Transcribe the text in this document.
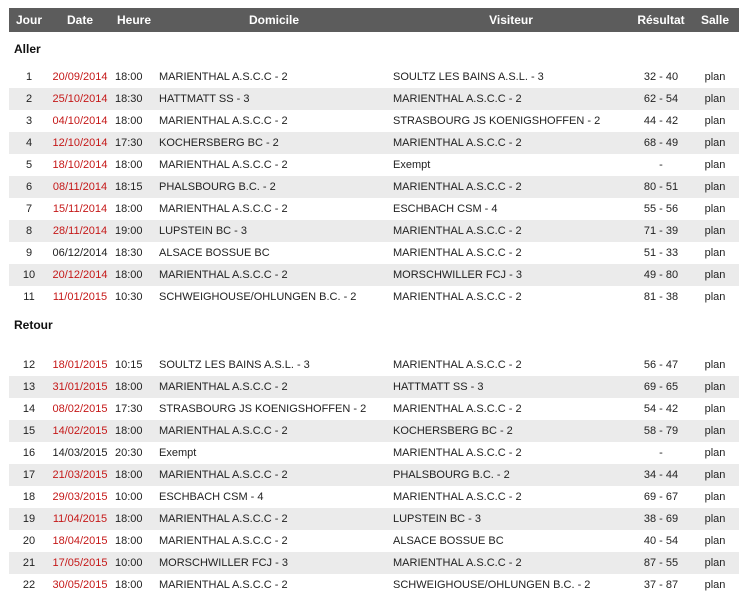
Jour	Date	Heure	Domicile	Visiteur	Résultat	Salle
Aller						
1	20/09/2014	18:00	MARIENTHAL A.S.C.C - 2	SOULTZ LES BAINS A.S.L. - 3	32 - 40	plan
2	25/10/2014	18:30	HATTMATT SS - 3	MARIENTHAL A.S.C.C - 2	62 - 54	plan
3	04/10/2014	18:00	MARIENTHAL A.S.C.C - 2	STRASBOURG JS KOENIGSHOFFEN - 2	44 - 42	plan
4	12/10/2014	17:30	KOCHERSBERG BC - 2	MARIENTHAL A.S.C.C - 2	68 - 49	plan
5	18/10/2014	18:00	MARIENTHAL A.S.C.C - 2	Exempt	-	plan
6	08/11/2014	18:15	PHALSBOURG B.C. - 2	MARIENTHAL A.S.C.C - 2	80 - 51	plan
7	15/11/2014	18:00	MARIENTHAL A.S.C.C - 2	ESCHBACH CSM - 4	55 - 56	plan
8	28/11/2014	19:00	LUPSTEIN BC - 3	MARIENTHAL A.S.C.C - 2	71 - 39	plan
9	06/12/2014	18:30	ALSACE BOSSUE BC	MARIENTHAL A.S.C.C - 2	51 - 33	plan
10	20/12/2014	18:00	MARIENTHAL A.S.C.C - 2	MORSCHWILLER FCJ - 3	49 - 80	plan
11	11/01/2015	10:30	SCHWEIGHOUSE/OHLUNGEN B.C. - 2	MARIENTHAL A.S.C.C - 2	81 - 38	plan
Retour						

12	18/01/2015	10:15	SOULTZ LES BAINS A.S.L. - 3	MARIENTHAL A.S.C.C - 2	56 - 47	plan
13	31/01/2015	18:00	MARIENTHAL A.S.C.C - 2	HATTMATT SS - 3	69 - 65	plan
14	08/02/2015	17:30	STRASBOURG JS KOENIGSHOFFEN - 2	MARIENTHAL A.S.C.C - 2	54 - 42	plan
15	14/02/2015	18:00	MARIENTHAL A.S.C.C - 2	KOCHERSBERG BC - 2	58 - 79	plan
16	14/03/2015	20:30	Exempt	MARIENTHAL A.S.C.C - 2	-	plan
17	21/03/2015	18:00	MARIENTHAL A.S.C.C - 2	PHALSBOURG B.C. - 2	34 - 44	plan
18	29/03/2015	10:00	ESCHBACH CSM - 4	MARIENTHAL A.S.C.C - 2	69 - 67	plan
19	11/04/2015	18:00	MARIENTHAL A.S.C.C - 2	LUPSTEIN BC - 3	38 - 69	plan
20	18/04/2015	18:00	MARIENTHAL A.S.C.C - 2	ALSACE BOSSUE BC	40 - 54	plan
21	17/05/2015	10:00	MORSCHWILLER FCJ - 3	MARIENTHAL A.S.C.C - 2	87 - 55	plan
22	30/05/2015	18:00	MARIENTHAL A.S.C.C - 2	SCHWEIGHOUSE/OHLUNGEN B.C. - 2	37 - 87	plan
